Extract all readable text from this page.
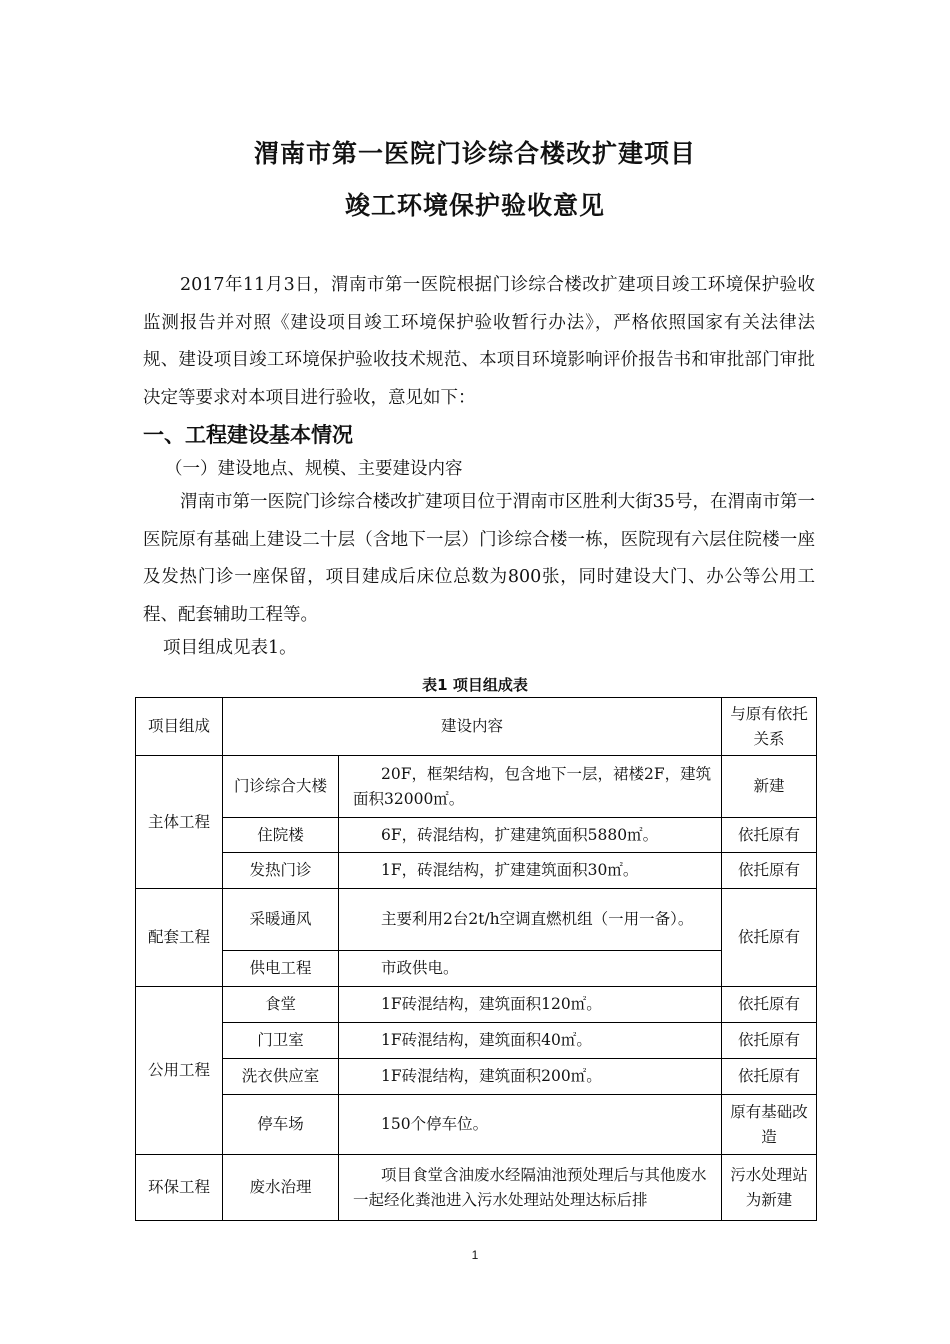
渭南市第一医院门诊综合楼改扩建项目
竣工环境保护验收意见

2017年11月3日，渭南市第一医院根据门诊综合楼改扩建项目竣工环境保护验收监测报告并对照《建设项目竣工环境保护验收暂行办法》，严格依照国家有关法律法规、建设项目竣工环境保护验收技术规范、本项目环境影响评价报告书和审批部门审批决定等要求对本项目进行验收，意见如下：

一、工程建设基本情况

（一）建设地点、规模、主要建设内容

渭南市第一医院门诊综合楼改扩建项目位于渭南市区胜利大街35号，在渭南市第一医院原有基础上建设二十层（含地下一层）门诊综合楼一栋，医院现有六层住院楼一座及发热门诊一座保留，项目建成后床位总数为800张，同时建设大门、办公等公用工程、配套辅助工程等。

项目组成见表1。

表1 项目组成表

项目组成	建设内容		与原有依托关系
主体工程	门诊综合大楼	20F，框架结构，包含地下一层，裙楼2F，建筑面积32000㎡。	新建
	住院楼	6F，砖混结构，扩建建筑面积5880㎡。	依托原有
	发热门诊	1F，砖混结构，扩建建筑面积30㎡。	依托原有
配套工程	采暖通风	主要利用2台2t/h空调直燃机组（一用一备）。	依托原有
	供电工程	市政供电。	
公用工程	食堂	1F砖混结构，建筑面积120㎡。	依托原有
	门卫室	1F砖混结构，建筑面积40㎡。	依托原有
	洗衣供应室	1F砖混结构，建筑面积200㎡。	依托原有
	停车场	150个停车位。	原有基础改造
环保工程	废水治理	项目食堂含油废水经隔油池预处理后与其他废水一起经化粪池进入污水处理站处理达标后排	污水处理站为新建
1
